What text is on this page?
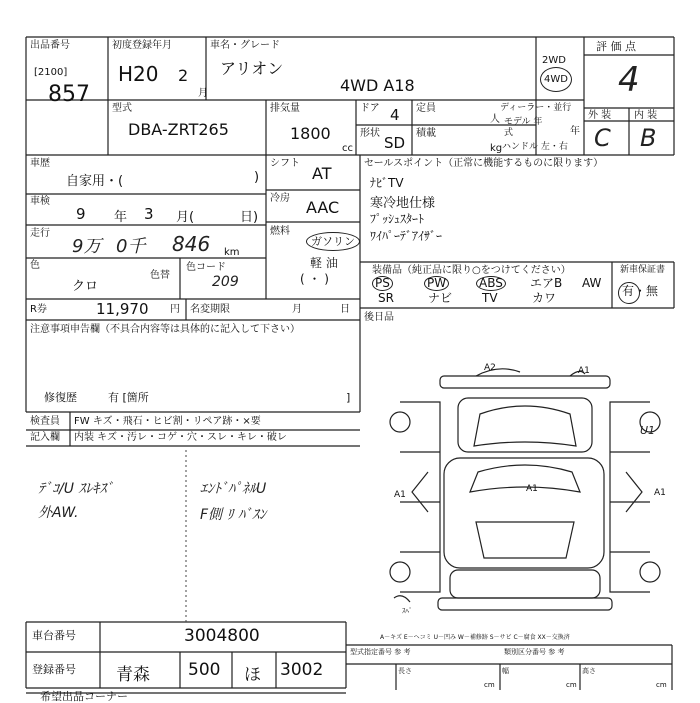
出品番号
[2100]
857
初度登録年月
H20 2
月
車名・グレード
アリオン
4WD A18
2WD
4WD
評 価 点
4
外 装 内 装
C B
型式
DBA-ZRT265
排気量
1800
cc
ドア 4
形状
SD
定員
人
積載
kg
ディーラー・並行
モデル 年式	年
ハンドル 左・右
車歴
自家用・(	)
車検
9 年 3 月(	日)
走行
9万 0千 846 km
色
クロ
色替
色コード
209
R券	11,970 円 名変期限	月	日
シフト
AT
冷房 AAC
燃料
ガソリン
軽 油
( ・ )
セールスポイント（正常に機能するものに限ります）
ﾅﾋﾞTV
寒冷地仕様
ﾌﾟｯｼｭｽﾀｰﾄ
ﾜｲﾊﾟｰﾃﾞｱｲｻﾞｰ
装備品（純正品に限り○をつけてください）
PS	PW	ABS エアB AW
SR	ナビ TV	カワ
新車保証書
有・無
後日品
注意事項申告欄（不具合内容等は具体的に記入して下さい）
修復歴	有 [箇所	]
検査員 FW キズ・飛石・ヒビ割・リペア跡・×要
記入欄 内装 キズ・汚レ・コゲ・穴・スレ・キレ・破レ
ﾃﾞｺ/U ｽﾚｷｽﾞ
外AW.
ｴﾝﾄﾞﾊﾟﾈﾙU
F側 ﾘ ﾊﾞｽﾝ
A2	A1
U1
A1
A1	A1
ｽﾍﾟ
A－キズ E－ヘコミ U－凹み W－補修跡 S－サビ C－腐食 XX－交換済
車台番号	3004800
登録番号 青森 500 ほ 3002
型式指定番号 参 考	類別区分番号 参 考
長さ
cm
幅
cm
高さ
cm
希望出品コーナー
